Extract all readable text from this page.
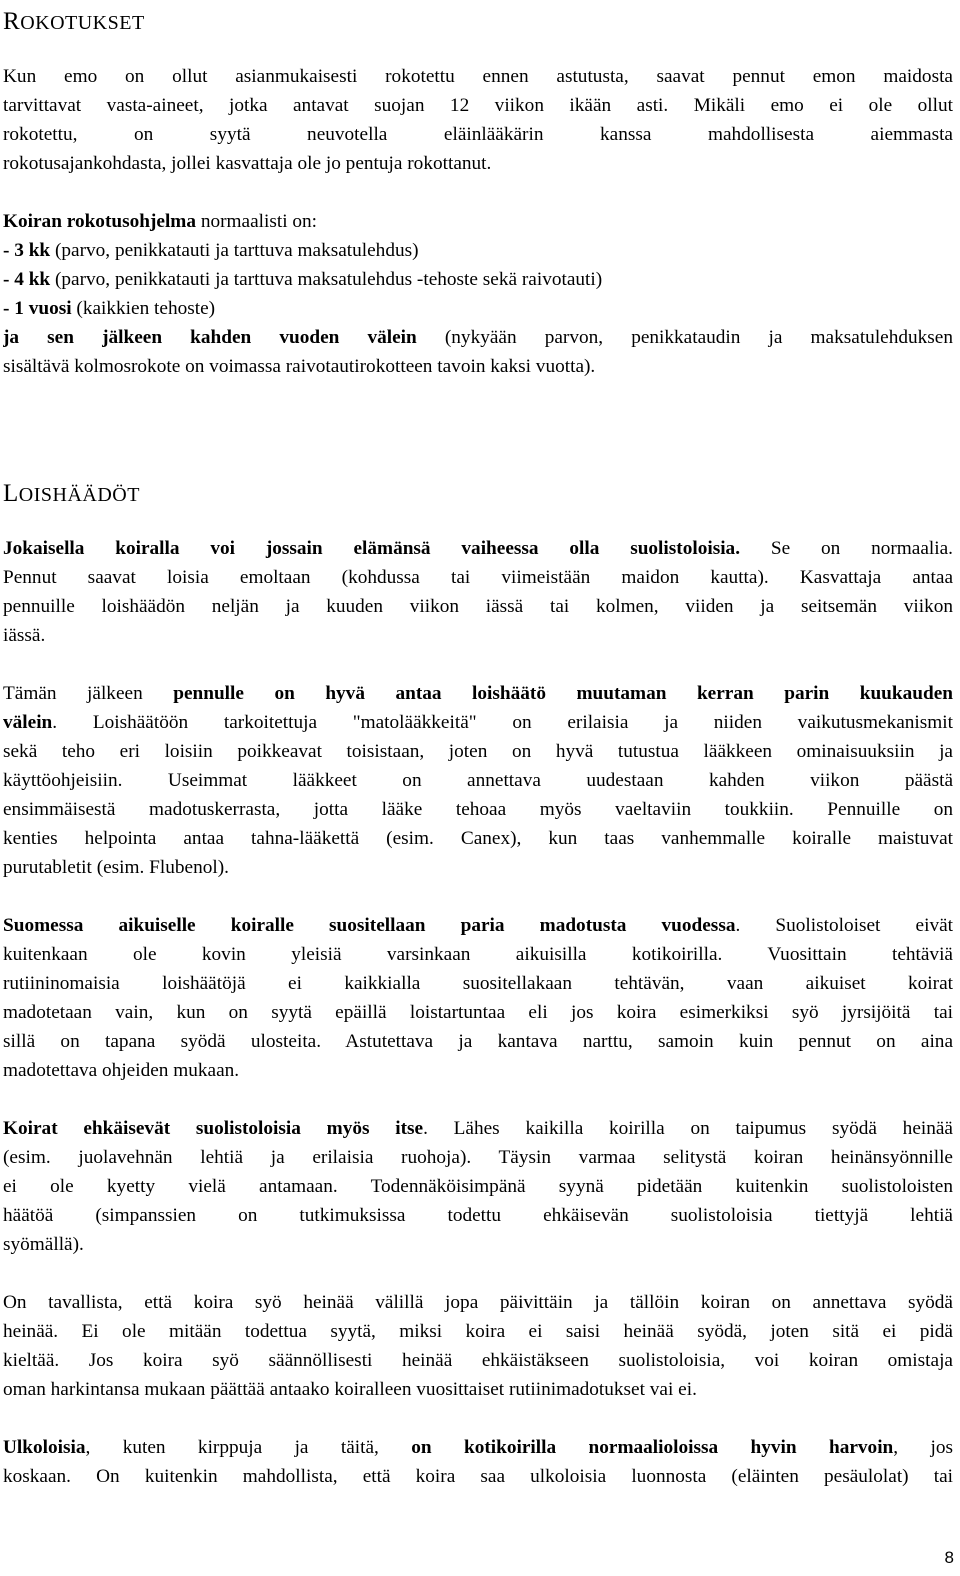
ROKOTUKSET
Kun emo on ollut asianmukaisesti rokotettu ennen astutusta, saavat pennut emon maidosta
tarvittavat vasta-aineet, jotka antavat suojan 12 viikon ikään asti. Mikäli emo ei ole ollut
rokotettu, on syytä neuvotella eläinlääkärin kanssa mahdollisesta aiemmasta
rokotusajankohdasta, jollei kasvattaja ole jo pentuja rokottanut.
Koiran rokotusohjelma normaalisti on:
- 3 kk (parvo, penikkatauti ja tarttuva maksatulehdus)
- 4 kk (parvo, penikkatauti ja tarttuva maksatulehdus -tehoste sekä raivotauti)
- 1 vuosi (kaikkien tehoste)
ja sen jälkeen kahden vuoden välein (nykyään parvon, penikkataudin ja maksatulehduksen
sisältävä kolmosrokote on voimassa raivotautirokotteen tavoin kaksi vuotta).
LOISHÄÄDÖT
Jokaisella koiralla voi jossain elämänsä vaiheessa olla suolistoloisia. Se on normaalia.
Pennut saavat loisia emoltaan (kohdussa tai viimeistään maidon kautta). Kasvattaja antaa
pennuille loishäädön neljän ja kuuden viikon iässä tai kolmen, viiden ja seitsemän viikon
iässä.
Tämän jälkeen pennulle on hyvä antaa loishäätö muutaman kerran parin kuukauden
välein. Loishäätöön tarkoitettuja "matolääkkeitä" on erilaisia ja niiden vaikutusmekanismit
sekä teho eri loisiin poikkeavat toisistaan, joten on hyvä tutustua lääkkeen ominaisuuksiin ja
käyttöohjeisiin. Useimmat lääkkeet on annettava uudestaan kahden viikon päästä
ensimmäisestä madotuskerrasta, jotta lääke tehoaa myös vaeltaviin toukkiin. Pennuille on
kenties helpointa antaa tahna-lääkettä (esim. Canex), kun taas vanhemmalle koiralle maistuvat
purutabletit (esim. Flubenol).
Suomessa aikuiselle koiralle suositellaan paria madotusta vuodessa. Suolistoloiset eivät
kuitenkaan ole kovin yleisiä varsinkaan aikuisilla kotikoirilla. Vuosittain tehtäviä
rutiininomaisia loishäätöjä ei kaikkialla suositellakaan tehtävän, vaan aikuiset koirat
madotetaan vain, kun on syytä epäillä loistartuntaa eli jos koira esimerkiksi syö jyrsijöitä tai
sillä on tapana syödä ulosteita. Astutettava ja kantava narttu, samoin kuin pennut on aina
madotettava ohjeiden mukaan.
Koirat ehkäisevät suolistoloisia myös itse. Lähes kaikilla koirilla on taipumus syödä heinää
(esim. juolavehnän lehtiä ja erilaisia ruohoja). Täysin varmaa selitystä koiran heinänsyönnille
ei ole kyetty vielä antamaan. Todennäköisimpänä syynä pidetään kuitenkin suolistoloisten
häätöä (simpanssien on tutkimuksissa todettu ehkäisevän suolistoloisia tiettyjä lehtiä
syömällä).
On tavallista, että koira syö heinää välillä jopa päivittäin ja tällöin koiran on annettava syödä
heinää. Ei ole mitään todettua syytä, miksi koira ei saisi heinää syödä, joten sitä ei pidä
kieltää. Jos koira syö säännöllisesti heinää ehkäistäkseen suolistoloisia, voi koiran omistaja
oman harkintansa mukaan päättää antaako koiralleen vuosittaiset rutiinimadotukset vai ei.
Ulkoloisia, kuten kirppuja ja täitä, on kotikoirilla normaalioloissa hyvin harvoin, jos
koskaan. On kuitenkin mahdollista, että koira saa ulkoloisia luonnosta (eläinten pesäulolat) tai
8
